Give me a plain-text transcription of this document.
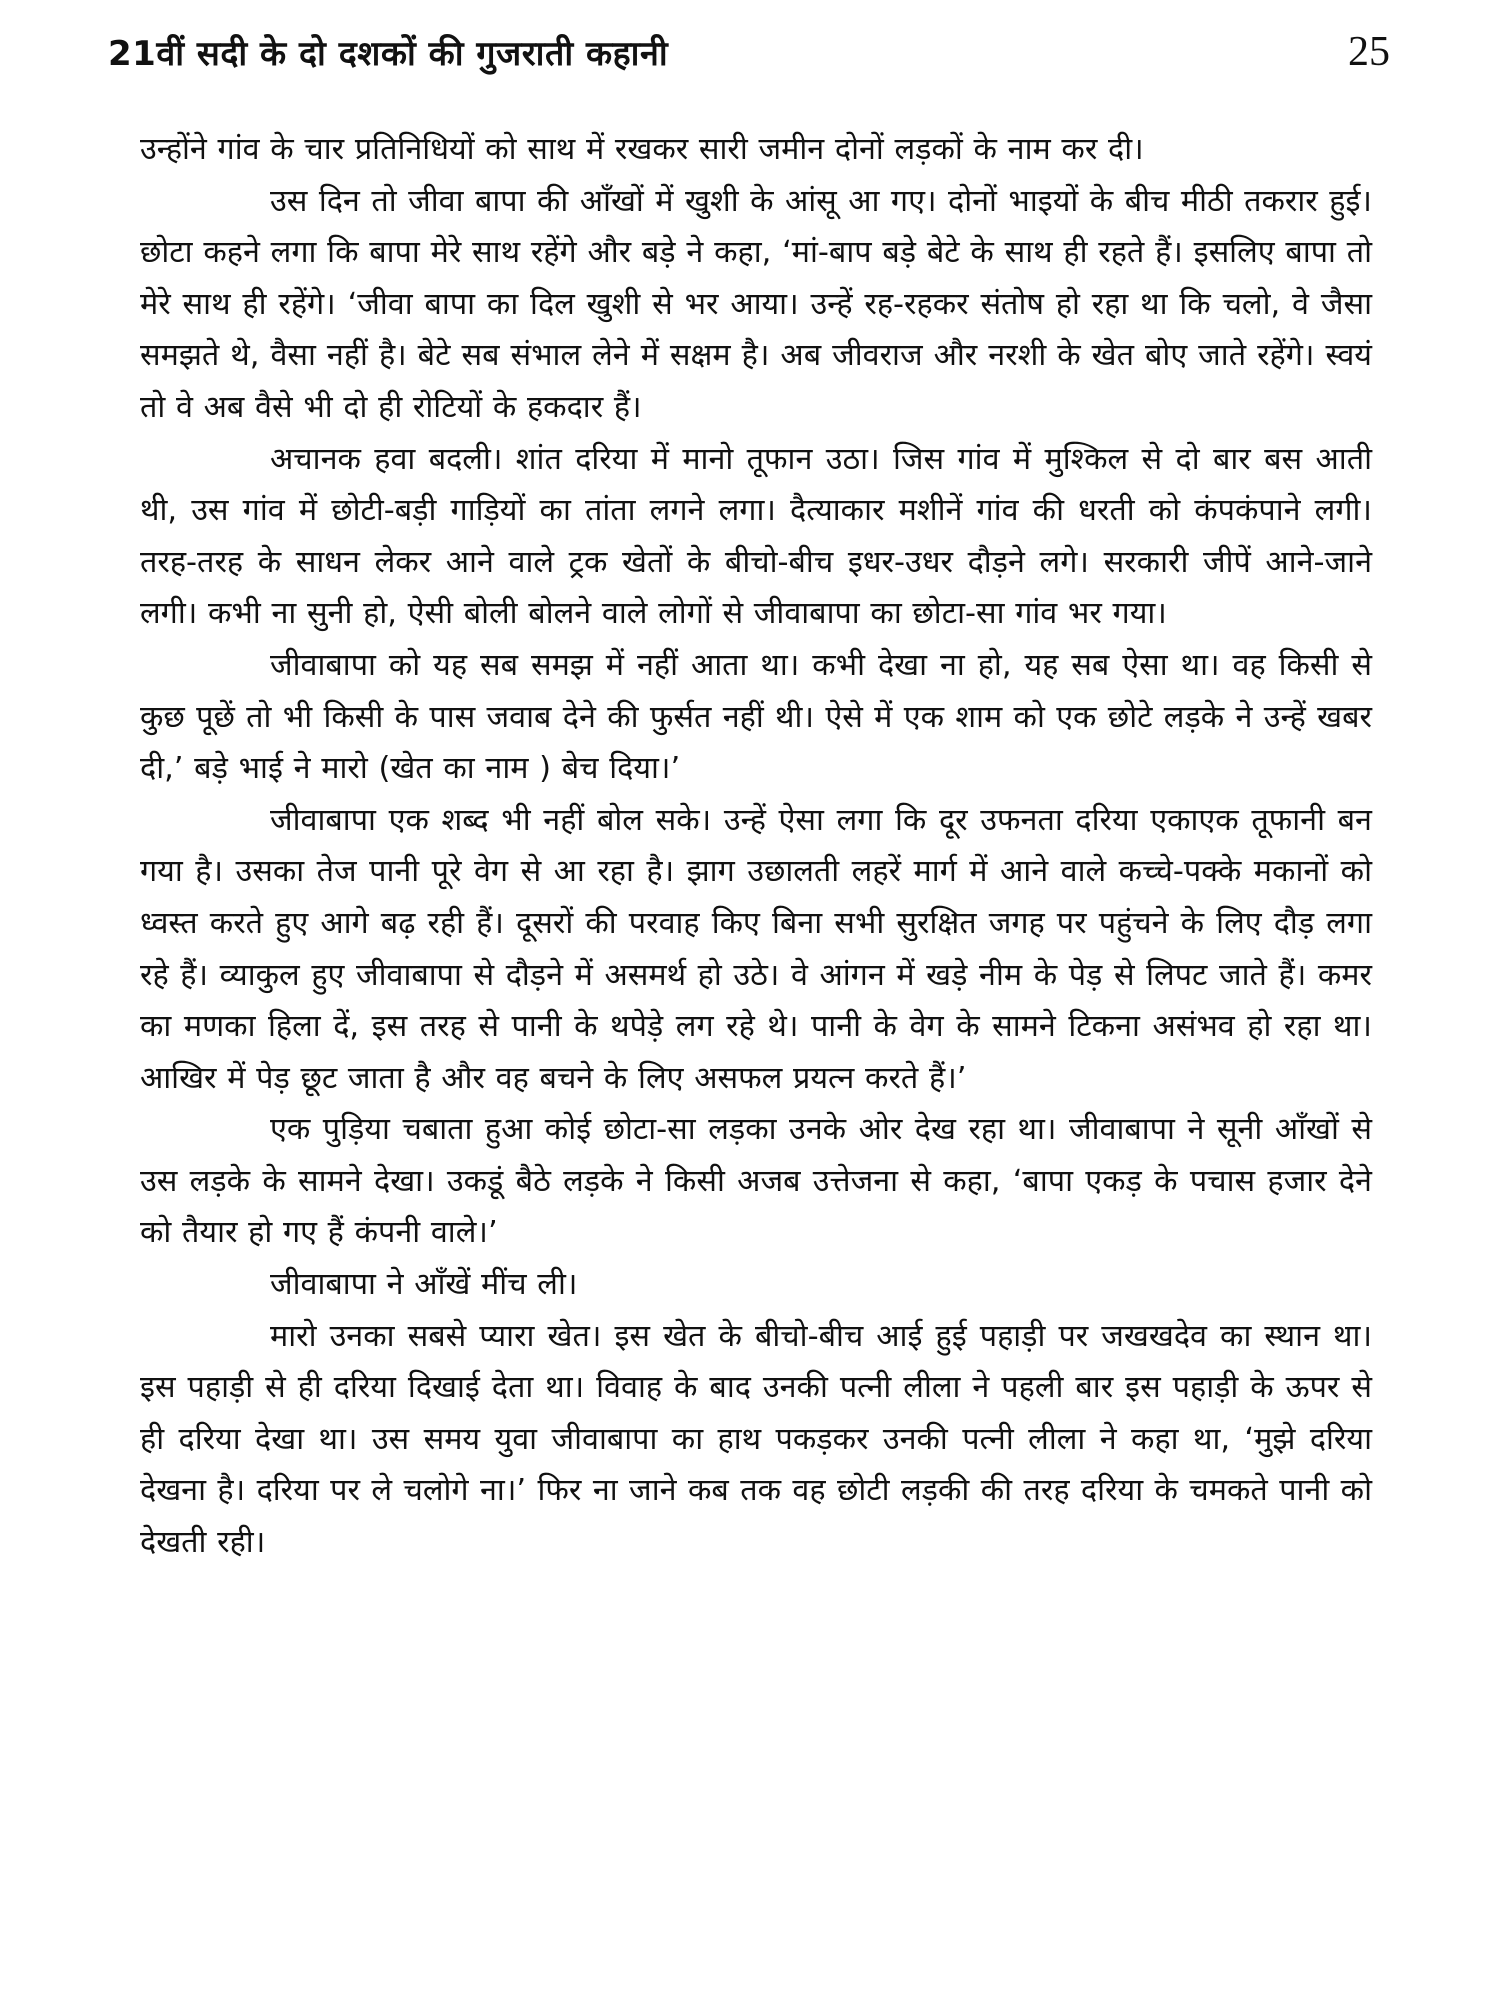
21वीं सदी के दो दशकों की गुजराती कहानी	25

उन्होंने गांव के चार प्रतिनिधियों को साथ में रखकर सारी जमीन दोनों लड़कों के नाम कर दी।

उस दिन तो जीवा बापा की आँखों में खुशी के आंसू आ गए। दोनों भाइयों के बीच मीठी तकरार हुई। छोटा कहने लगा कि बापा मेरे साथ रहेंगे और बड़े ने कहा, ‘मां-बाप बड़े बेटे के साथ ही रहते हैं। इसलिए बापा तो मेरे साथ ही रहेंगे। ‘जीवा बापा का दिल खुशी से भर आया। उन्हें रह-रहकर संतोष हो रहा था कि चलो, वे जैसा समझते थे, वैसा नहीं है। बेटे सब संभाल लेने में सक्षम है। अब जीवराज और नरशी के खेत बोए जाते रहेंगे। स्वयं तो वे अब वैसे भी दो ही रोटियों के हकदार हैं।

अचानक हवा बदली। शांत दरिया में मानो तूफान उठा। जिस गांव में मुश्किल से दो बार बस आती थी, उस गांव में छोटी-बड़ी गाड़ियों का तांता लगने लगा। दैत्याकार मशीनें गांव की धरती को कंपकंपाने लगी। तरह-तरह के साधन लेकर आने वाले ट्रक खेतों के बीचो-बीच इधर-उधर दौड़ने लगे। सरकारी जीपें आने-जाने लगी। कभी ना सुनी हो, ऐसी बोली बोलने वाले लोगों से जीवाबापा का छोटा-सा गांव भर गया।

जीवाबापा को यह सब समझ में नहीं आता था। कभी देखा ना हो, यह सब ऐसा था। वह किसी से कुछ पूछें तो भी किसी के पास जवाब देने की फुर्सत नहीं थी। ऐसे में एक शाम को एक छोटे लड़के ने उन्हें खबर दी,’ बड़े भाई ने मारो (खेत का नाम ) बेच दिया।’

जीवाबापा एक शब्द भी नहीं बोल सके। उन्हें ऐसा लगा कि दूर उफनता दरिया एकाएक तूफानी बन गया है। उसका तेज पानी पूरे वेग से आ रहा है। झाग उछालती लहरें मार्ग में आने वाले कच्चे-पक्के मकानों को ध्वस्त करते हुए आगे बढ़ रही हैं। दूसरों की परवाह किए बिना सभी सुरक्षित जगह पर पहुंचने के लिए दौड़ लगा रहे हैं। व्याकुल हुए जीवाबापा से दौड़ने में असमर्थ हो उठे। वे आंगन में खड़े नीम के पेड़ से लिपट जाते हैं। कमर का मणका हिला दें, इस तरह से पानी के थपेड़े लग रहे थे। पानी के वेग के सामने टिकना असंभव हो रहा था। आखिर में पेड़ छूट जाता है और वह बचने के लिए असफल प्रयत्न करते हैं।’

एक पुड़िया चबाता हुआ कोई छोटा-सा लड़का उनके ओर देख रहा था। जीवाबापा ने सूनी आँखों से उस लड़के के सामने देखा। उकडूं बैठे लड़के ने किसी अजब उत्तेजना से कहा, ‘बापा एकड़ के पचास हजार देने को तैयार हो गए हैं कंपनी वाले।’

जीवाबापा ने आँखें मींच ली।

मारो उनका सबसे प्यारा खेत। इस खेत के बीचो-बीच आई हुई पहाड़ी पर जखखदेव का स्थान था। इस पहाड़ी से ही दरिया दिखाई देता था। विवाह के बाद उनकी पत्नी लीला ने पहली बार इस पहाड़ी के ऊपर से ही दरिया देखा था। उस समय युवा जीवाबापा का हाथ पकड़कर उनकी पत्नी लीला ने कहा था, ‘मुझे दरिया देखना है। दरिया पर ले चलोगे ना।’ फिर ना जाने कब तक वह छोटी लड़की की तरह दरिया के चमकते पानी को देखती रही।
